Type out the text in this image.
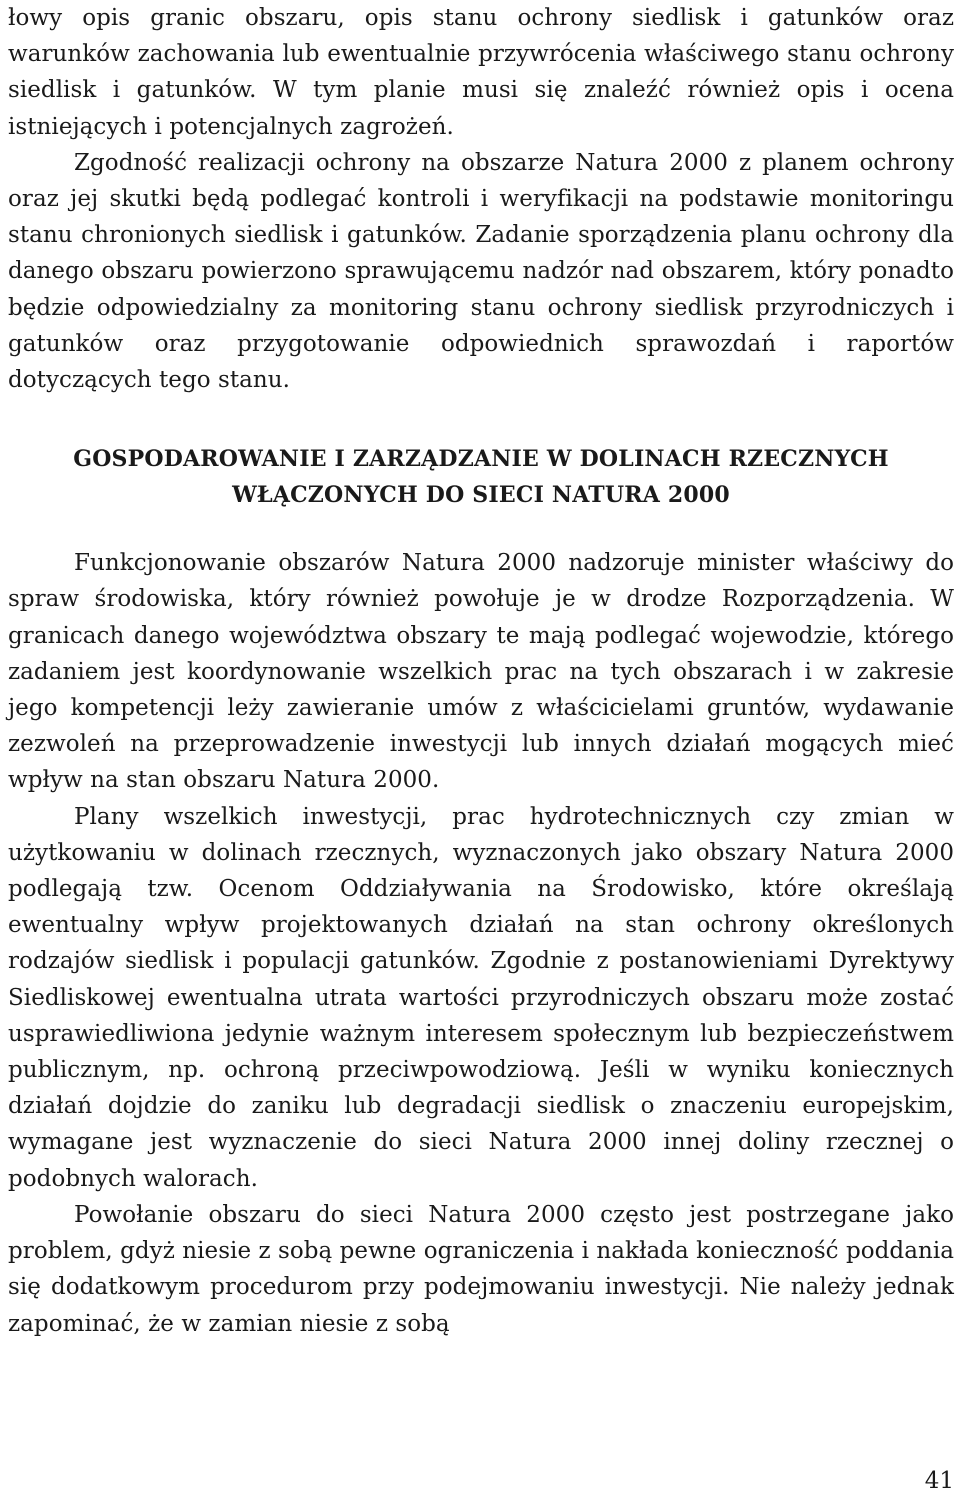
łowy opis granic obszaru, opis stanu ochrony siedlisk i gatunków oraz warunków zachowania lub ewentualnie przywrócenia właściwego stanu ochrony siedlisk i gatunków. W tym planie musi się znaleźć również opis i ocena istniejących i potencjalnych zagrożeń.

Zgodność realizacji ochrony na obszarze Natura 2000 z planem ochrony oraz jej skutki będą podlegać kontroli i weryfikacji na podstawie monitoringu stanu chronionych siedlisk i gatunków. Zadanie sporządzenia planu ochrony dla danego obszaru powierzono sprawującemu nadzór nad obszarem, który ponadto będzie odpowiedzialny za monitoring stanu ochrony siedlisk przyrodniczych i gatunków oraz przygotowanie odpowiednich sprawozdań i raportów dotyczących tego stanu.

GOSPODAROWANIE I ZARZĄDZANIE W DOLINACH RZECZNYCH
WŁĄCZONYCH DO SIECI NATURA 2000

Funkcjonowanie obszarów Natura 2000 nadzoruje minister właściwy do spraw środowiska, który również powołuje je w drodze Rozporządzenia. W granicach danego województwa obszary te mają podlegać wojewodzie, którego zadaniem jest koordynowanie wszelkich prac na tych obszarach i w zakresie jego kompetencji leży zawieranie umów z właścicielami gruntów, wydawanie zezwoleń na przeprowadzenie inwestycji lub innych działań mogących mieć wpływ na stan obszaru Natura 2000.

Plany wszelkich inwestycji, prac hydrotechnicznych czy zmian w użytkowaniu w dolinach rzecznych, wyznaczonych jako obszary Natura 2000 podlegają tzw. Ocenom Oddziaływania na Środowisko, które określają ewentualny wpływ projektowanych działań na stan ochrony określonych rodzajów siedlisk i populacji gatunków. Zgodnie z postanowieniami Dyrektywy Siedliskowej ewentualna utrata wartości przyrodniczych obszaru może zostać usprawiedliwiona jedynie ważnym interesem społecznym lub bezpieczeństwem publicznym, np. ochroną przeciwpowodziową. Jeśli w wyniku koniecznych działań dojdzie do zaniku lub degradacji siedlisk o znaczeniu europejskim, wymagane jest wyznaczenie do sieci Natura 2000 innej doliny rzecznej o podobnych walorach.

Powołanie obszaru do sieci Natura 2000 często jest postrzegane jako problem, gdyż niesie z sobą pewne ograniczenia i nakłada konieczność poddania się dodatkowym procedurom przy podejmowaniu inwestycji. Nie należy jednak zapominać, że w zamian niesie z sobą

41
